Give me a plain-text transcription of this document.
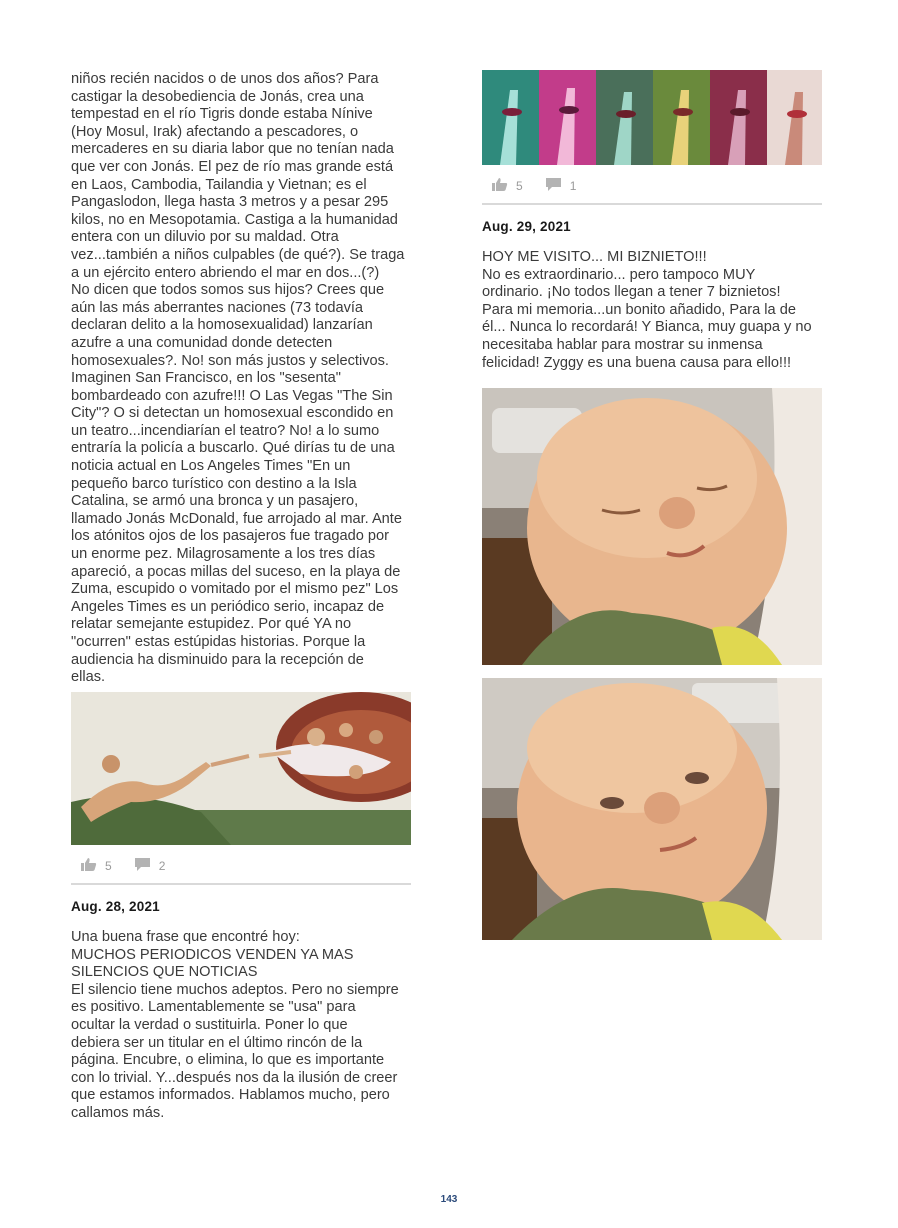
niños recién nacidos o de unos dos años? Para
castigar la desobediencia de Jonás, crea una
tempestad en el río Tigris donde estaba Nínive
(Hoy Mosul, Irak) afectando a pescadores, o
mercaderes en su diaria labor que no tenían nada
que ver con Jonás. El pez de río mas grande está
en Laos, Cambodia, Tailandia y Vietnan; es el
Pangaslodon, llega hasta 3 metros y a pesar 295
kilos, no en Mesopotamia. Castiga a la humanidad
entera con un diluvio por su maldad. Otra
vez...también a niños culpables (de qué?). Se traga
a un ejército entero abriendo el mar en dos...(?)
No dicen que todos somos sus hijos? Crees que
aún las más aberrantes naciones (73 todavía
declaran delito a la homosexualidad) lanzarían
azufre a una comunidad donde detecten
homosexuales?. No! son más justos y selectivos.
Imaginen San Francisco, en los "sesenta"
bombardeado con azufre!!! O Las Vegas "The Sin
City"? O si detectan un homosexual escondido en
un teatro...incendiarían el teatro? No! a lo sumo
entraría la policía a buscarlo. Qué dirías tu de una
noticia actual en Los Angeles Times "En un
pequeño barco turístico con destino a la Isla
Catalina, se armó una bronca y un pasajero,
llamado Jonás McDonald, fue arrojado al mar. Ante
los atónitos ojos de los pasajeros fue tragado por
un enorme pez. Milagrosamente a los tres días
apareció, a pocas millas del suceso, en la playa de
Zuma, escupido o vomitado por el mismo pez" Los
Angeles Times es un periódico serio, incapaz de
relatar semejante estupidez. Por qué YA no
"ocurren" estas estúpidas historias. Porque la
audiencia ha disminuido para la recepción de
ellas.

5	2
Aug. 28, 2021

Una buena frase que encontré hoy:
MUCHOS PERIODICOS VENDEN YA MAS
SILENCIOS QUE NOTICIAS
El silencio tiene muchos adeptos. Pero no siempre
es positivo. Lamentablemente se "usa" para
ocultar la verdad o sustituirla. Poner lo que
debiera ser un titular en el último rincón de la
página. Encubre, o elimina, lo que es importante
con lo trivial. Y...después nos da la ilusión de creer
que estamos informados. Hablamos mucho, pero
callamos más.

5	1
Aug. 29, 2021

HOY ME VISITO... MI BIZNIETO!!!
No es extraordinario... pero tampoco MUY
ordinario. ¡No todos llegan a tener 7 biznietos!
Para mi memoria...un bonito añadido, Para la de
él... Nunca lo recordará! Y Bianca, muy guapa y no
necesitaba hablar para mostrar su inmensa
felicidad! Zyggy es una buena causa para ello!!!

143
